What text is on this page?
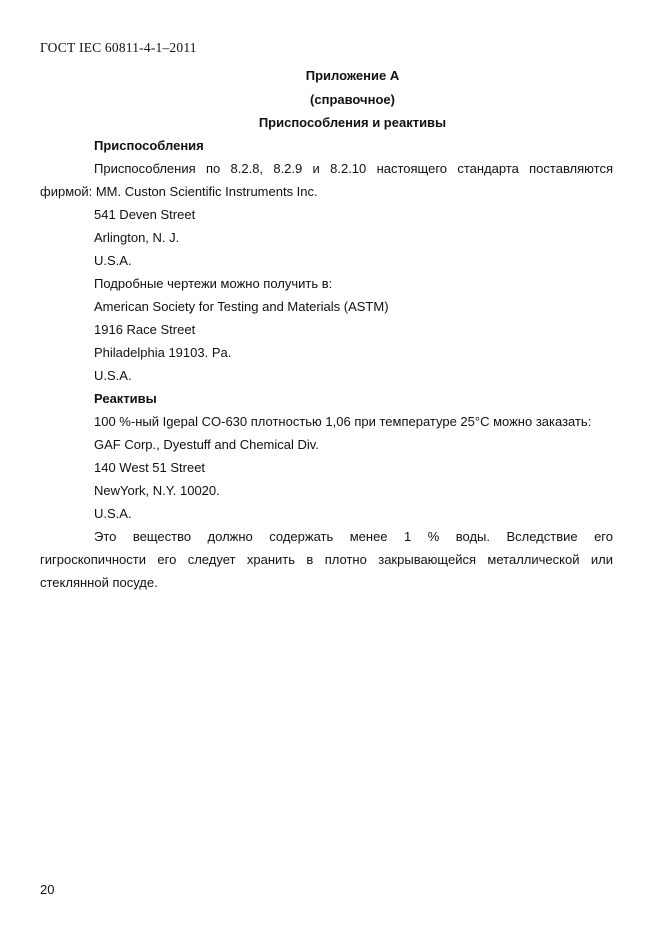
ГОСТ IEC 60811-4-1–2011
Приложение А
(справочное)
Приспособления и реактивы
Приспособления
Приспособления по 8.2.8, 8.2.9 и 8.2.10 настоящего стандарта поставляются
фирмой: MM. Custon Scientific Instruments Inc.
541 Deven Street
Arlington, N. J.
U.S.A.
Подробные чертежи можно получить в:
American Society for Testing and Materials (ASTM)
1916 Race Street
Philadelphia 19103. Pa.
U.S.A.
Реактивы
100 %-ный Igepal CO-630 плотностью 1,06 при температуре 25°C можно заказать:
GAF Corp., Dyestuff and Chemical Div.
140 West 51 Street
NewYork, N.Y. 10020.
U.S.A.
Это вещество должно содержать менее 1 % воды. Вследствие его
гигроскопичности его следует хранить в плотно закрывающейся металлической или
стеклянной посуде.
20
